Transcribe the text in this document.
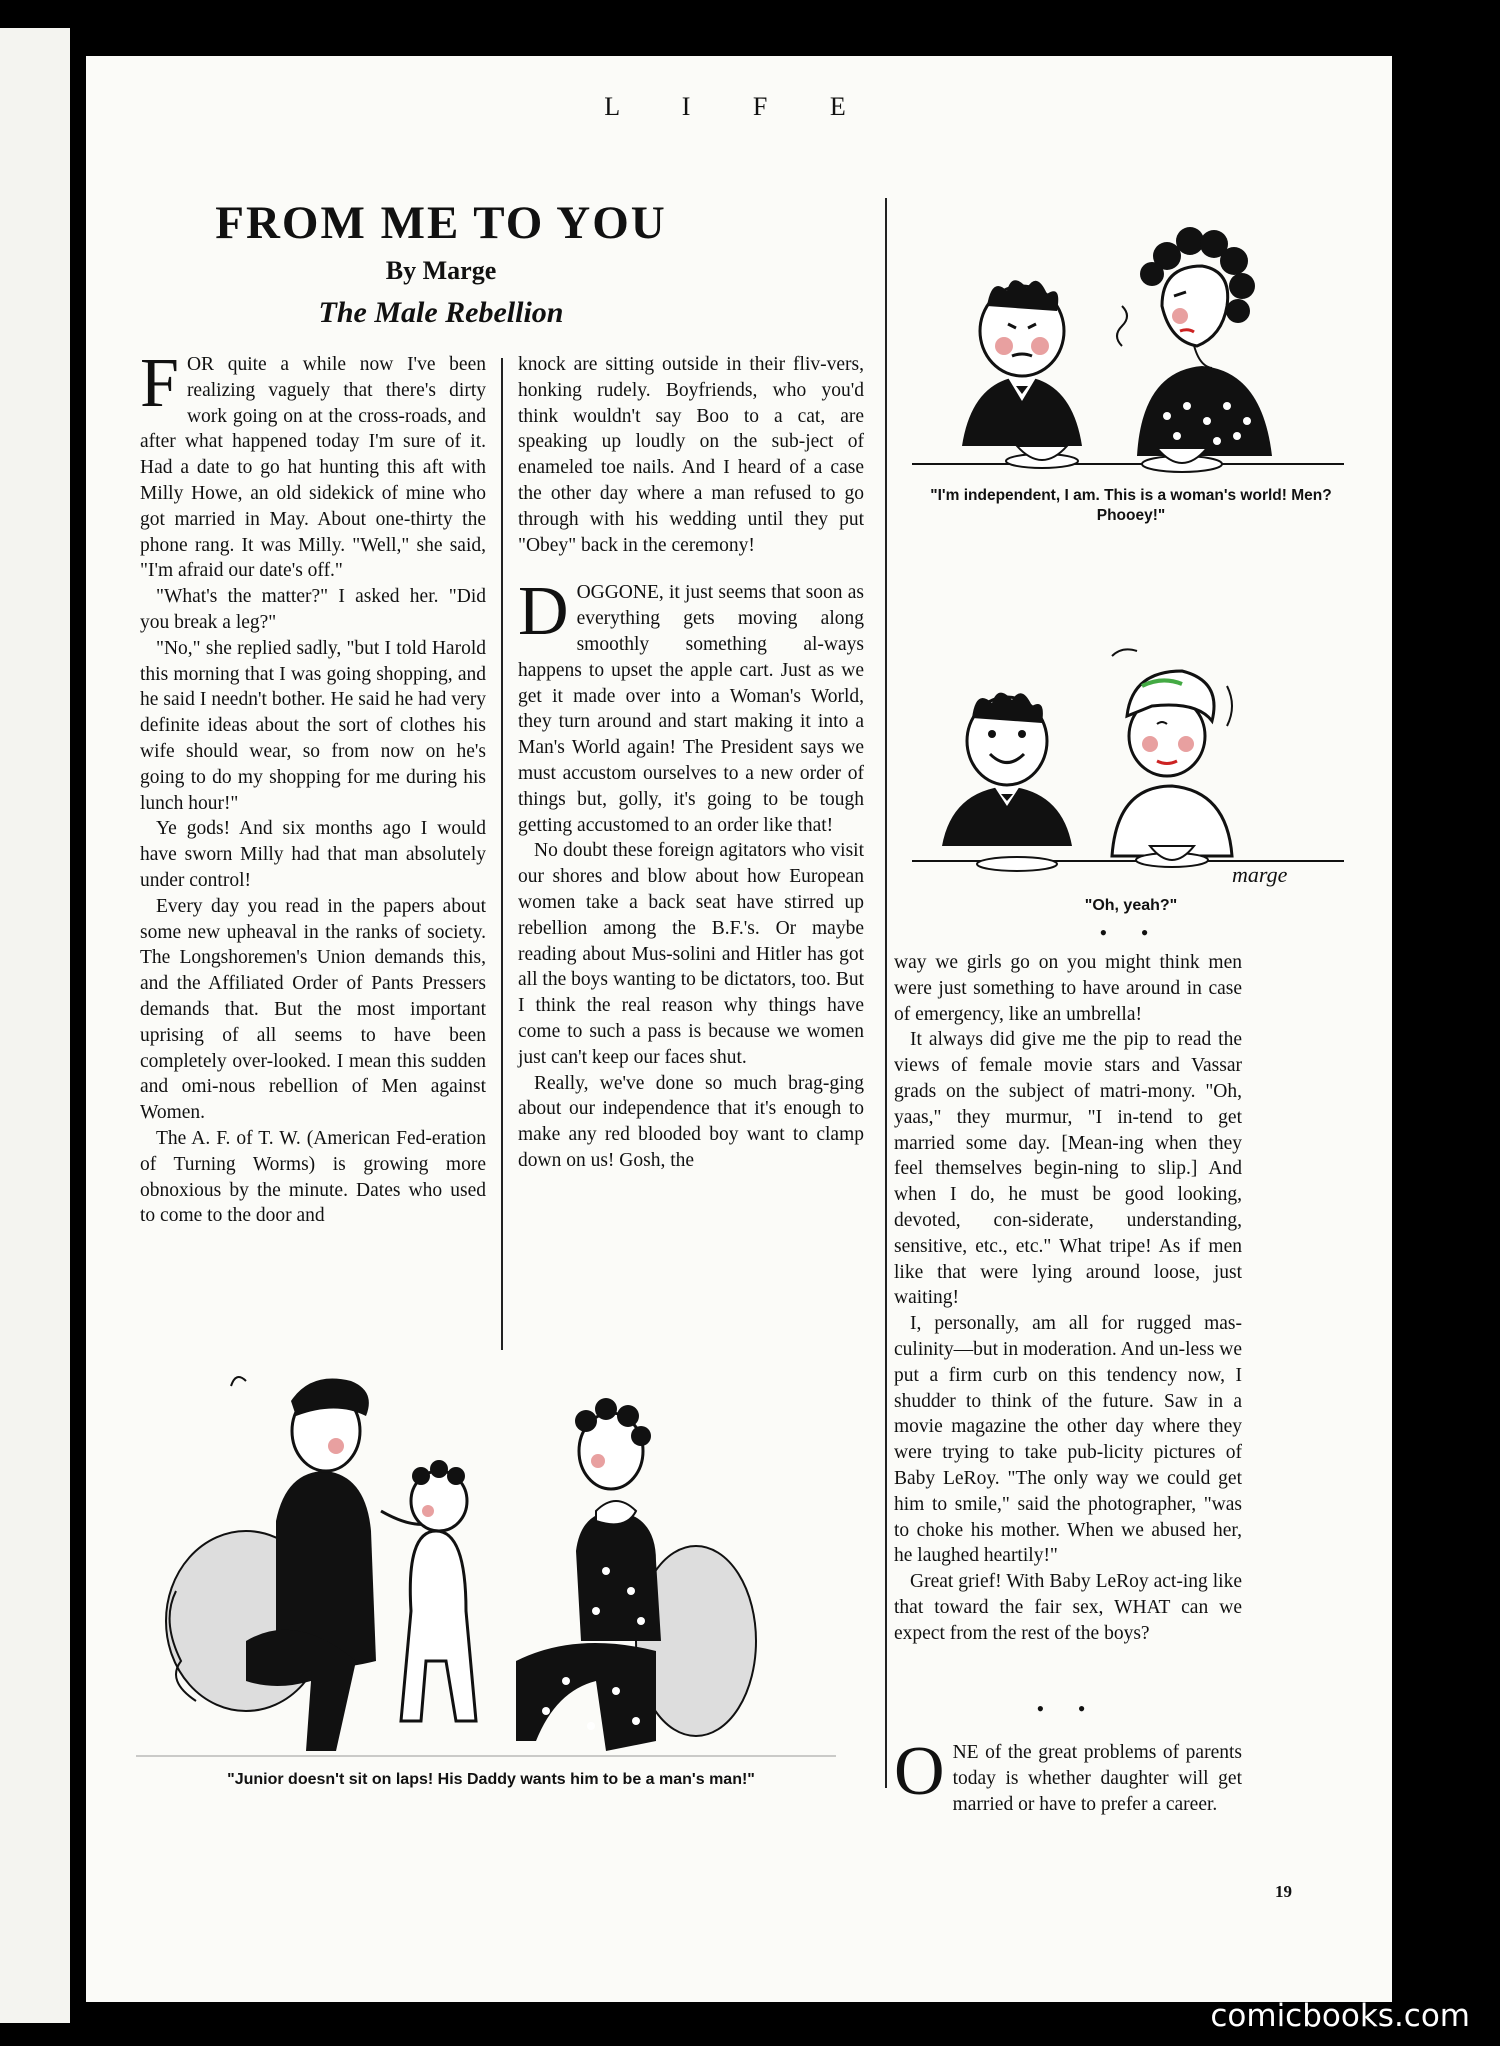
L I F E
FROM ME TO YOU
By Marge
The Male Rebellion

FOR quite a while now I've been realizing vaguely that there's dirty work going on at the cross-roads, and after what happened today I'm sure of it. Had a date to go hat hunting this aft with Milly Howe, an old sidekick of mine who got married in May. About one-thirty the phone rang. It was Milly. "Well," she said, "I'm afraid our date's off."

"What's the matter?" I asked her. "Did you break a leg?"

"No," she replied sadly, "but I told Harold this morning that I was going shopping, and he said I needn't bother. He said he had very definite ideas about the sort of clothes his wife should wear, so from now on he's going to do my shopping for me during his lunch hour!"

Ye gods! And six months ago I would have sworn Milly had that man absolutely under control!

Every day you read in the papers about some new upheaval in the ranks of society. The Longshoremen's Union demands this, and the Affiliated Order of Pants Pressers demands that. But the most important uprising of all seems to have been completely over-looked. I mean this sudden and omi-nous rebellion of Men against Women.

The A. F. of T. W. (American Fed-eration of Turning Worms) is growing more obnoxious by the minute. Dates who used to come to the door and

knock are sitting outside in their fliv-vers, honking rudely. Boyfriends, who you'd think wouldn't say Boo to a cat, are speaking up loudly on the sub-ject of enameled toe nails. And I heard of a case the other day where a man refused to go through with his wedding until they put "Obey" back in the ceremony!

DOGGONE, it just seems that soon as everything gets moving along smoothly something al-ways happens to upset the apple cart. Just as we get it made over into a Woman's World, they turn around and start making it into a Man's World again! The President says we must accustom ourselves to a new order of things but, golly, it's going to be tough getting accustomed to an order like that!

No doubt these foreign agitators who visit our shores and blow about how European women take a back seat have stirred up rebellion among the B.F.'s. Or maybe reading about Mus-solini and Hitler has got all the boys wanting to be dictators, too. But I think the real reason why things have come to such a pass is because we women just can't keep our faces shut.

Really, we've done so much brag-ging about our independence that it's enough to make any red blooded boy want to clamp down on us! Gosh, the

"I'm independent, I am. This is a woman's world! Men? Phooey!"
marge
"Oh, yeah?"
• •

way we girls go on you might think men were just something to have around in case of emergency, like an umbrella!

It always did give me the pip to read the views of female movie stars and Vassar grads on the subject of matri-mony. "Oh, yaas," they murmur, "I in-tend to get married some day. [Mean-ing when they feel themselves begin-ning to slip.] And when I do, he must be good looking, devoted, con-siderate, understanding, sensitive, etc., etc." What tripe! As if men like that were lying around loose, just waiting!

I, personally, am all for rugged mas-culinity—but in moderation. And un-less we put a firm curb on this tendency now, I shudder to think of the future. Saw in a movie magazine the other day where they were trying to take pub-licity pictures of Baby LeRoy. "The only way we could get him to smile," said the photographer, "was to choke his mother. When we abused her, he laughed heartily!"

Great grief! With Baby LeRoy act-ing like that toward the fair sex, WHAT can we expect from the rest of the boys?

• •

ONE of the great problems of parents today is whether daughter will get married or have to prefer a career.

"Junior doesn't sit on laps! His Daddy wants him to be a man's man!"
19
comicbooks.com
